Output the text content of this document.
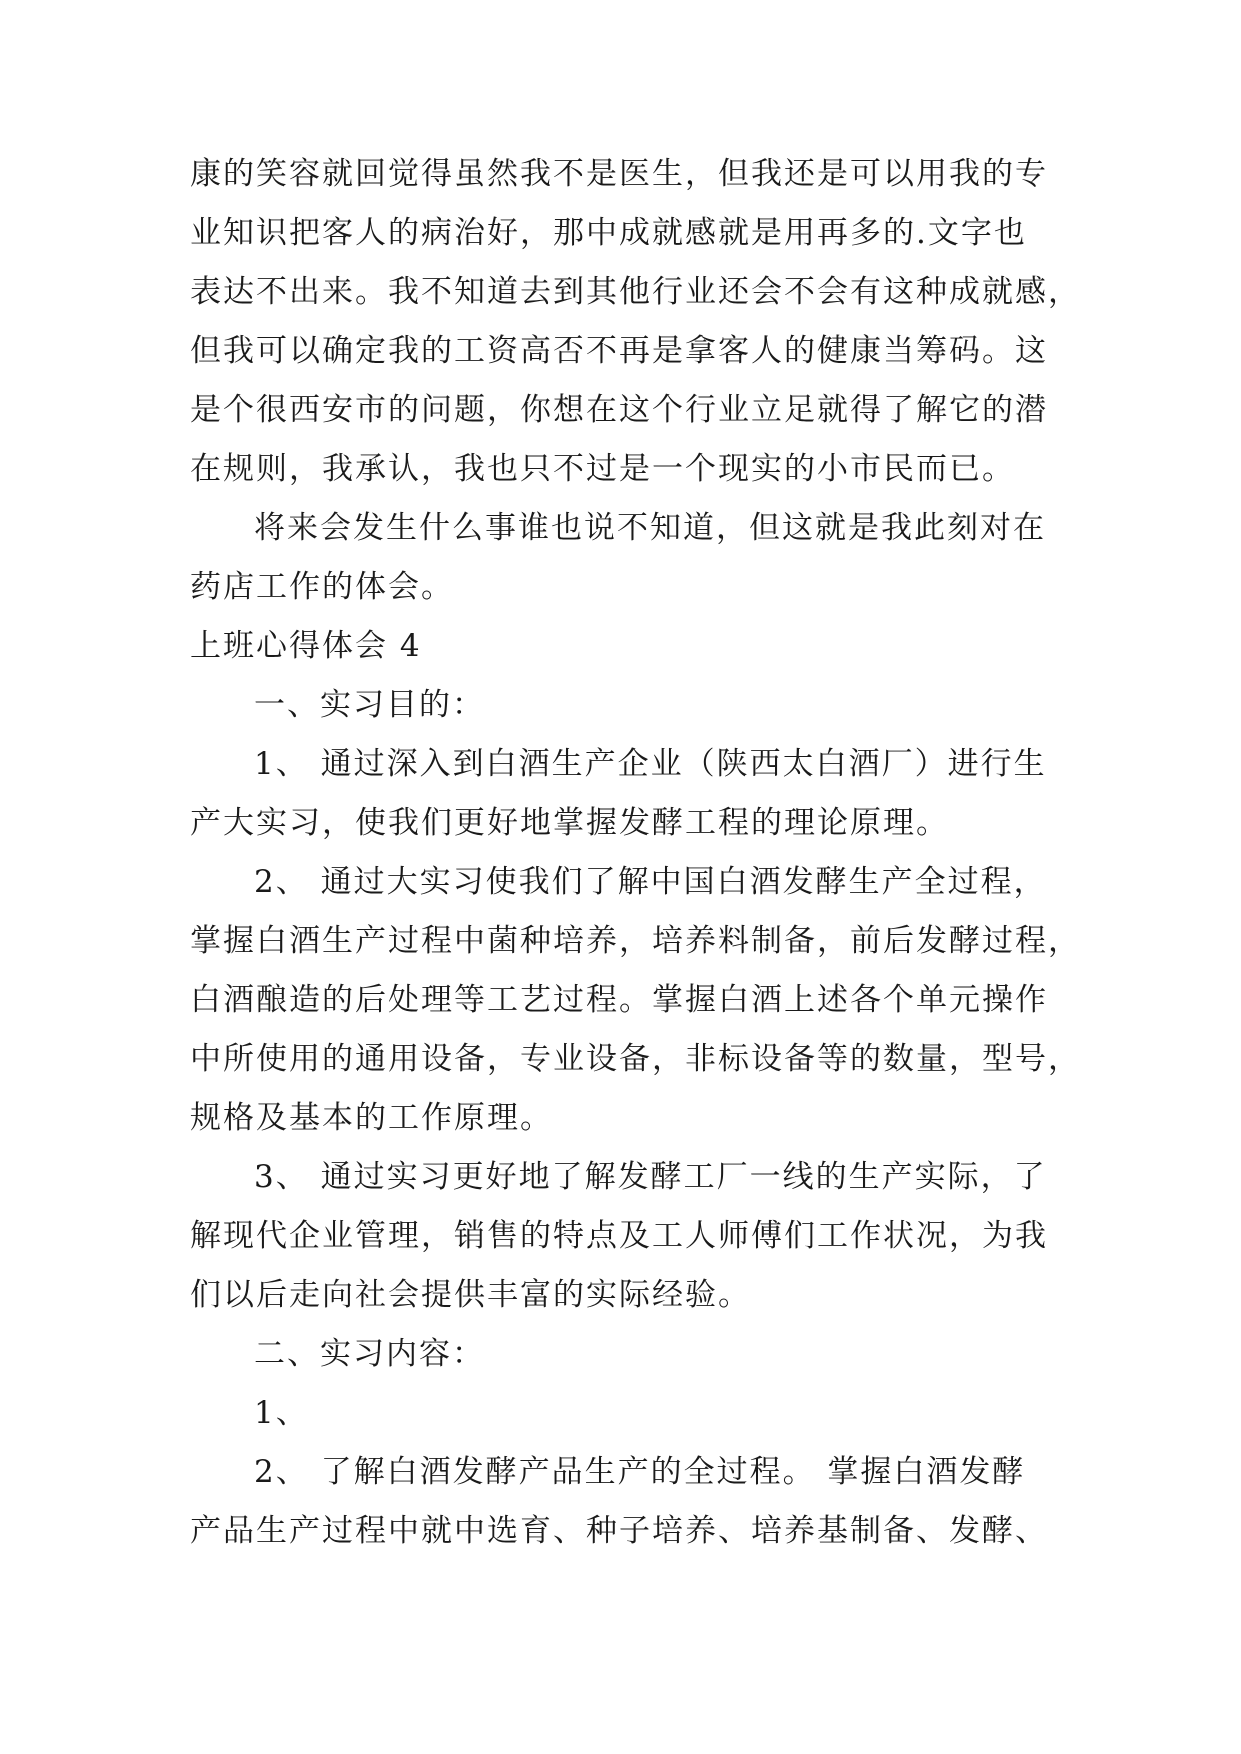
康的笑容就回觉得虽然我不是医生，但我还是可以用我的专
业知识把客人的病治好，那中成就感就是用再多的.文字也
表达不出来。我不知道去到其他行业还会不会有这种成就感，
但我可以确定我的工资高否不再是拿客人的健康当筹码。这
是个很西安市的问题，你想在这个行业立足就得了解它的潜
在规则，我承认，我也只不过是一个现实的小市民而已。
将来会发生什么事谁也说不知道，但这就是我此刻对在
药店工作的体会。
上班心得体会 4
一、实习目的：
1、 通过深入到白酒生产企业（陕西太白酒厂）进行生
产大实习，使我们更好地掌握发酵工程的理论原理。
2、 通过大实习使我们了解中国白酒发酵生产全过程，
掌握白酒生产过程中菌种培养，培养料制备，前后发酵过程，
白酒酿造的后处理等工艺过程。掌握白酒上述各个单元操作
中所使用的通用设备，专业设备，非标设备等的数量，型号，
规格及基本的工作原理。
3、 通过实习更好地了解发酵工厂一线的生产实际，了
解现代企业管理，销售的特点及工人师傅们工作状况，为我
们以后走向社会提供丰富的实际经验。
二、实习内容：
1、
2、 了解白酒发酵产品生产的全过程。 掌握白酒发酵
产品生产过程中就中选育、种子培养、培养基制备、发酵、
